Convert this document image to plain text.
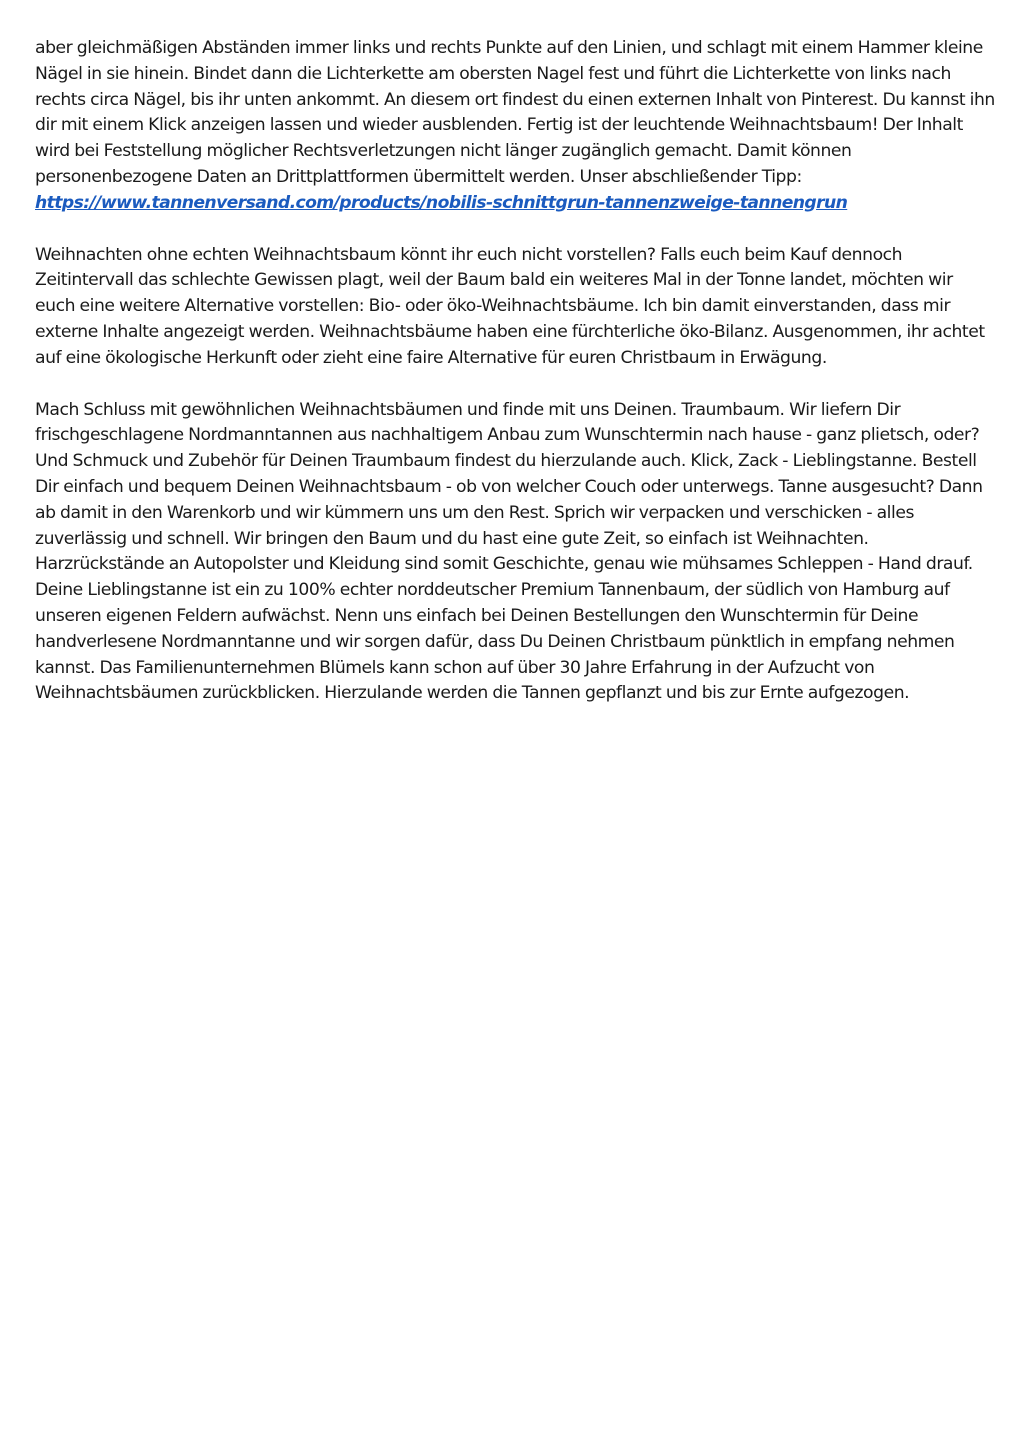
aber gleichmäßigen Abständen immer links und rechts Punkte auf den Linien, und schlagt mit einem Hammer kleine Nägel in sie hinein. Bindet dann die Lichterkette am obersten Nagel fest und führt die Lichterkette von links nach rechts circa Nägel, bis ihr unten ankommt. An diesem ort findest du einen externen Inhalt von Pinterest. Du kannst ihn dir mit einem Klick anzeigen lassen und wieder ausblenden. Fertig ist der leuchtende Weihnachtsbaum! Der Inhalt wird bei Feststellung möglicher Rechtsverletzungen nicht länger zugänglich gemacht. Damit können personenbezogene Daten an Drittplattformen übermittelt werden. Unser abschließender Tipp:
https://www.tannenversand.com/products/nobilis-schnittgrun-tannenzweige-tannengrun

Weihnachten ohne echten Weihnachtsbaum könnt ihr euch nicht vorstellen? Falls euch beim Kauf dennoch Zeitintervall das schlechte Gewissen plagt, weil der Baum bald ein weiteres Mal in der Tonne landet, möchten wir euch eine weitere Alternative vorstellen: Bio- oder öko-Weihnachtsbäume. Ich bin damit einverstanden, dass mir externe Inhalte angezeigt werden. Weihnachtsbäume haben eine fürchterliche öko-Bilanz. Ausgenommen, ihr achtet auf eine ökologische Herkunft oder zieht eine faire Alternative für euren Christbaum in Erwägung.

Mach Schluss mit gewöhnlichen Weihnachtsbäumen und finde mit uns Deinen. Traumbaum. Wir liefern Dir frischgeschlagene Nordmanntannen aus nachhaltigem Anbau zum Wunschtermin nach hause - ganz plietsch, oder? Und Schmuck und Zubehör für Deinen Traumbaum findest du hierzulande auch. Klick, Zack - Lieblingstanne. Bestell Dir einfach und bequem Deinen Weihnachtsbaum - ob von welcher Couch oder unterwegs. Tanne ausgesucht? Dann ab damit in den Warenkorb und wir kümmern uns um den Rest. Sprich wir verpacken und verschicken - alles zuverlässig und schnell. Wir bringen den Baum und du hast eine gute Zeit, so einfach ist Weihnachten. Harzrückstände an Autopolster und Kleidung sind somit Geschichte, genau wie mühsames Schleppen - Hand drauf. Deine Lieblingstanne ist ein zu 100% echter norddeutscher Premium Tannenbaum, der südlich von Hamburg auf unseren eigenen Feldern aufwächst. Nenn uns einfach bei Deinen Bestellungen den Wunschtermin für Deine handverlesene Nordmanntanne und wir sorgen dafür, dass Du Deinen Christbaum pünktlich in empfang nehmen kannst. Das Familienunternehmen Blümels kann schon auf über 30 Jahre Erfahrung in der Aufzucht von Weihnachtsbäumen zurückblicken. Hierzulande werden die Tannen gepflanzt und bis zur Ernte aufgezogen.
